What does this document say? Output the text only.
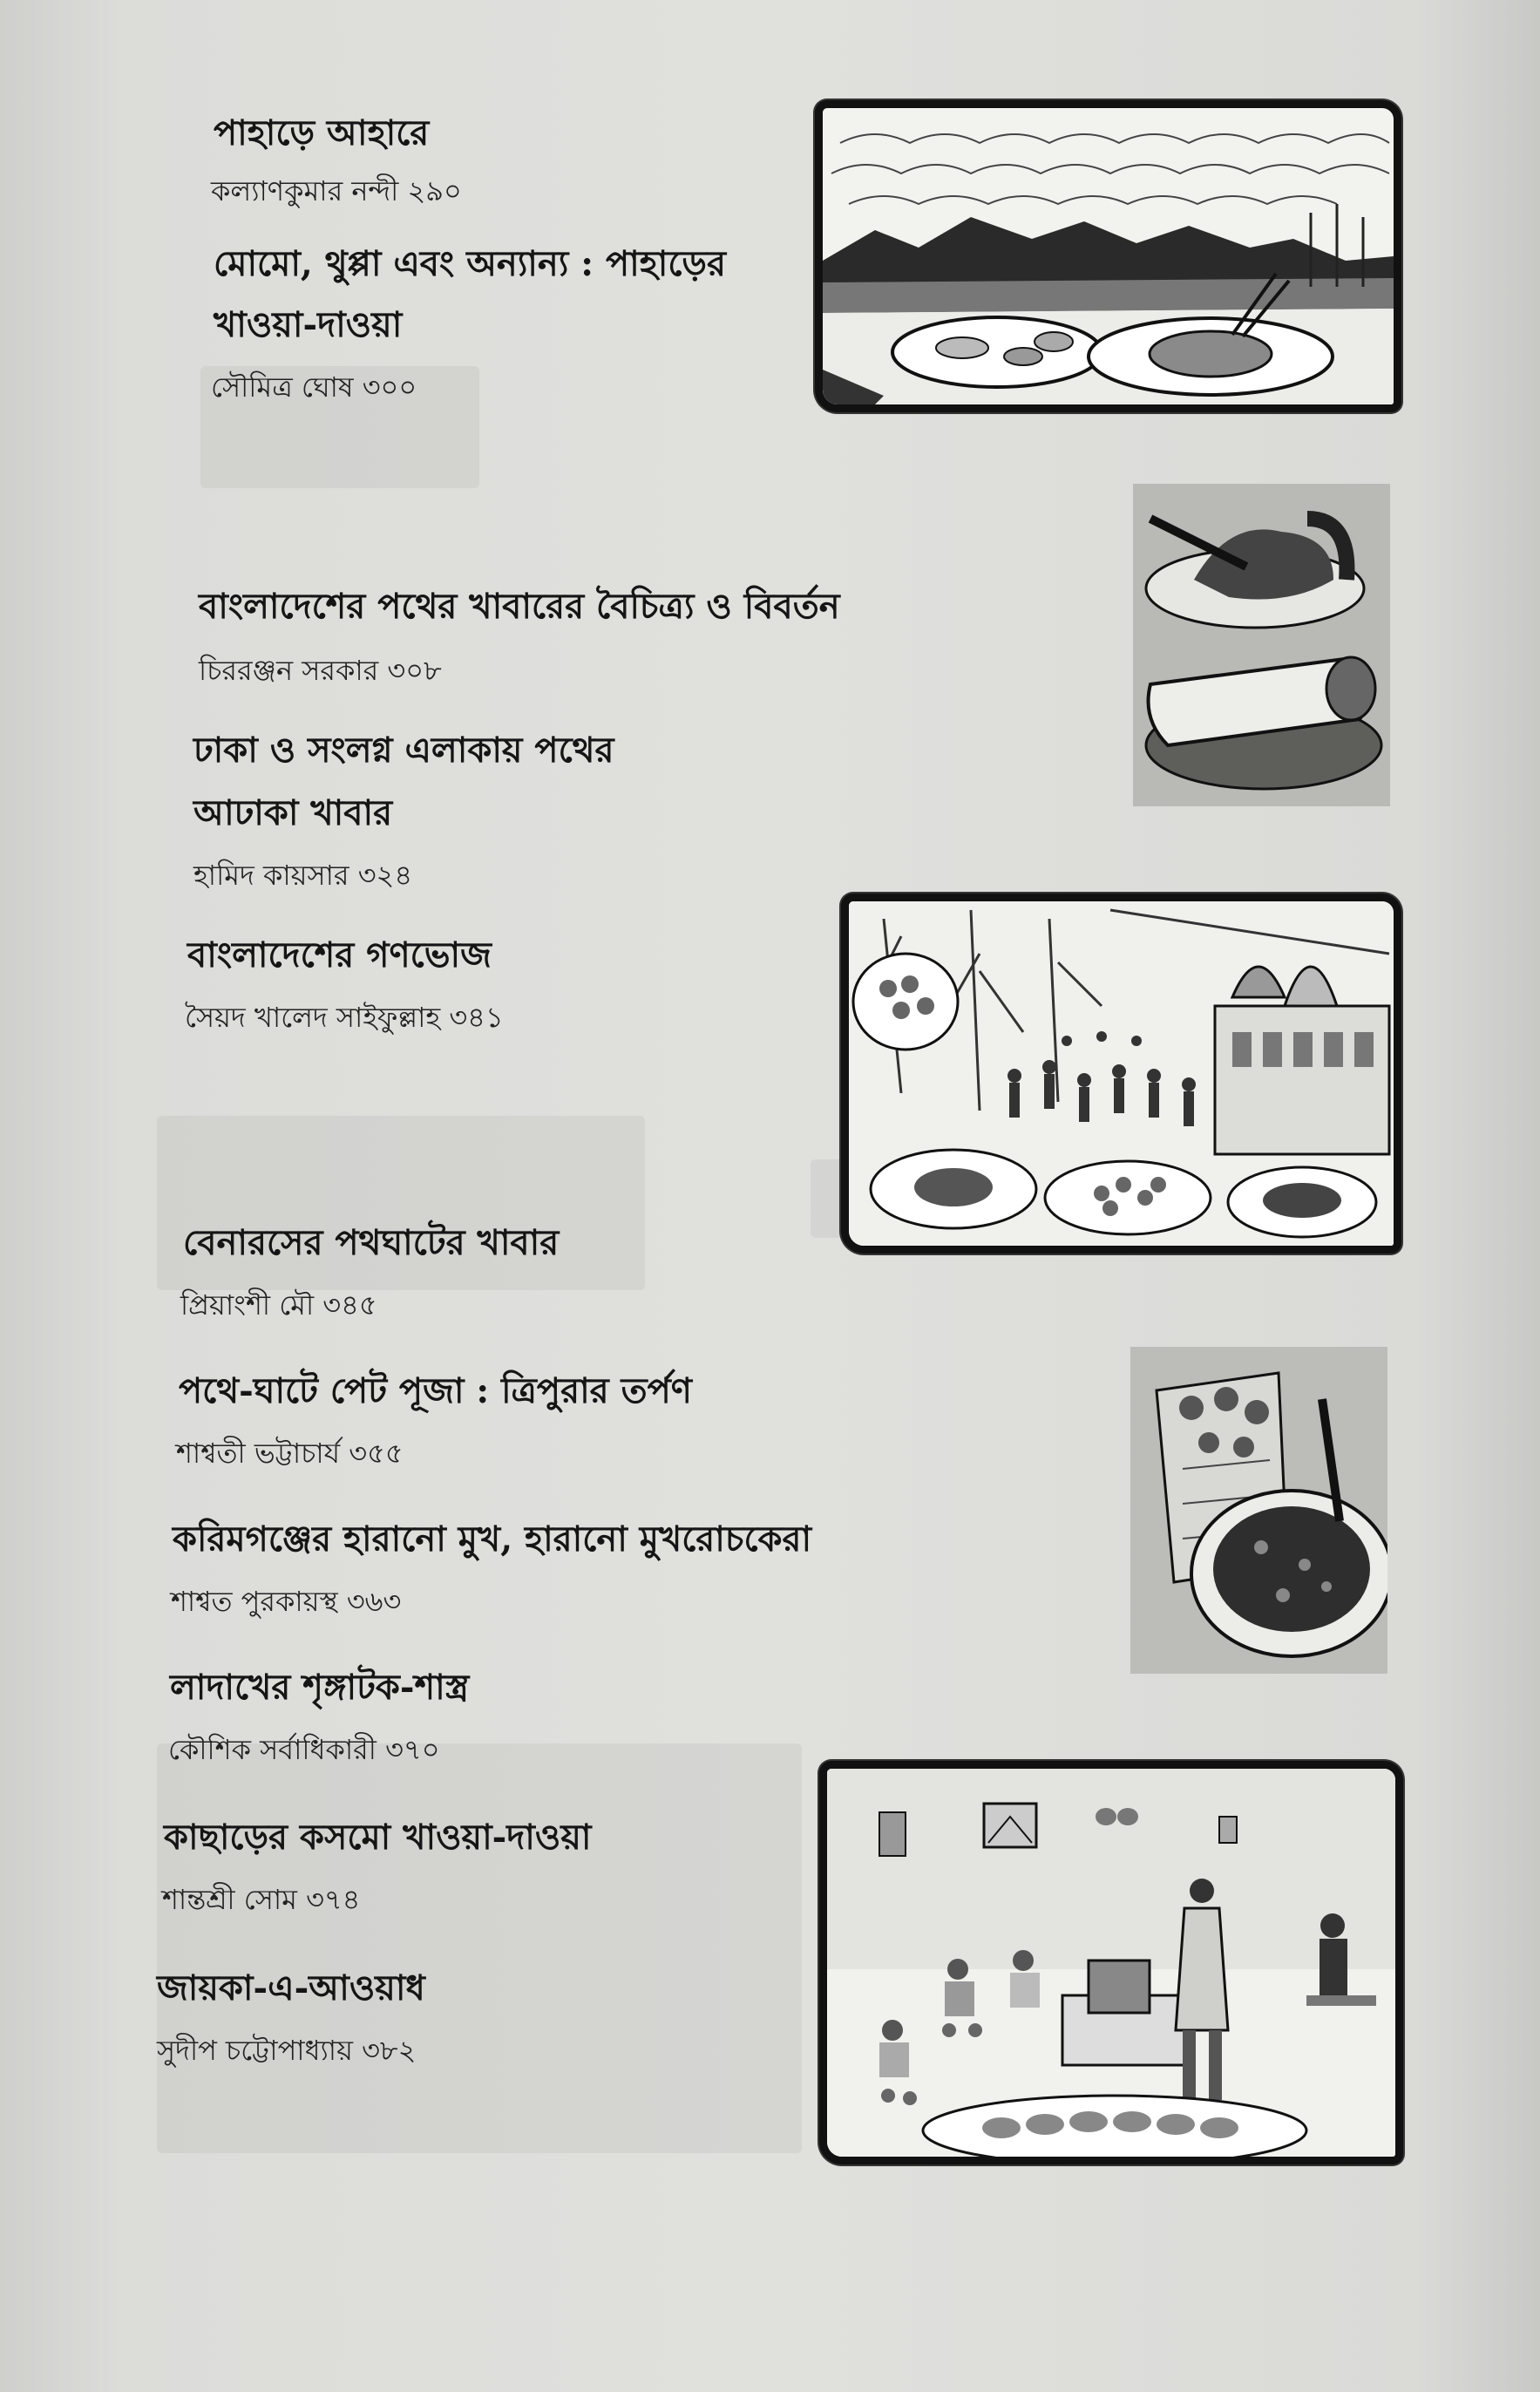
পাহাড়ে আহারে
কল্যাণকুমার নন্দী ২৯০
মোমো, থুপ্পা এবং অন্যান্য : পাহাড়ের
খাওয়া-দাওয়া
সৌমিত্র ঘোষ ৩০০
বাংলাদেশের পথের খাবারের বৈচিত্র্য ও বিবর্তন
চিররঞ্জন সরকার ৩০৮
ঢাকা ও সংলগ্ন এলাকায় পথের
আঢাকা খাবার
হামিদ কায়সার ৩২৪
বাংলাদেশের গণভোজ
সৈয়দ খালেদ সাইফুল্লাহ ৩৪১
বেনারসের পথঘাটের খাবার
প্রিয়াংশী মৌ ৩৪৫
পথে-ঘাটে পেট পূজা : ত্রিপুরার তর্পণ
শাশ্বতী ভট্টাচার্য ৩৫৫
করিমগঞ্জের হারানো মুখ, হারানো মুখরোচকেরা
শাশ্বত পুরকায়স্থ ৩৬৩
লাদাখের শৃঙ্গাটক-শাস্ত্র
কৌশিক সর্বাধিকারী ৩৭০
কাছাড়ের কসমো খাওয়া-দাওয়া
শান্তশ্রী সোম ৩৭৪
জায়কা-এ-আওয়াধ
সুদীপ চট্টোপাধ্যায় ৩৮২
